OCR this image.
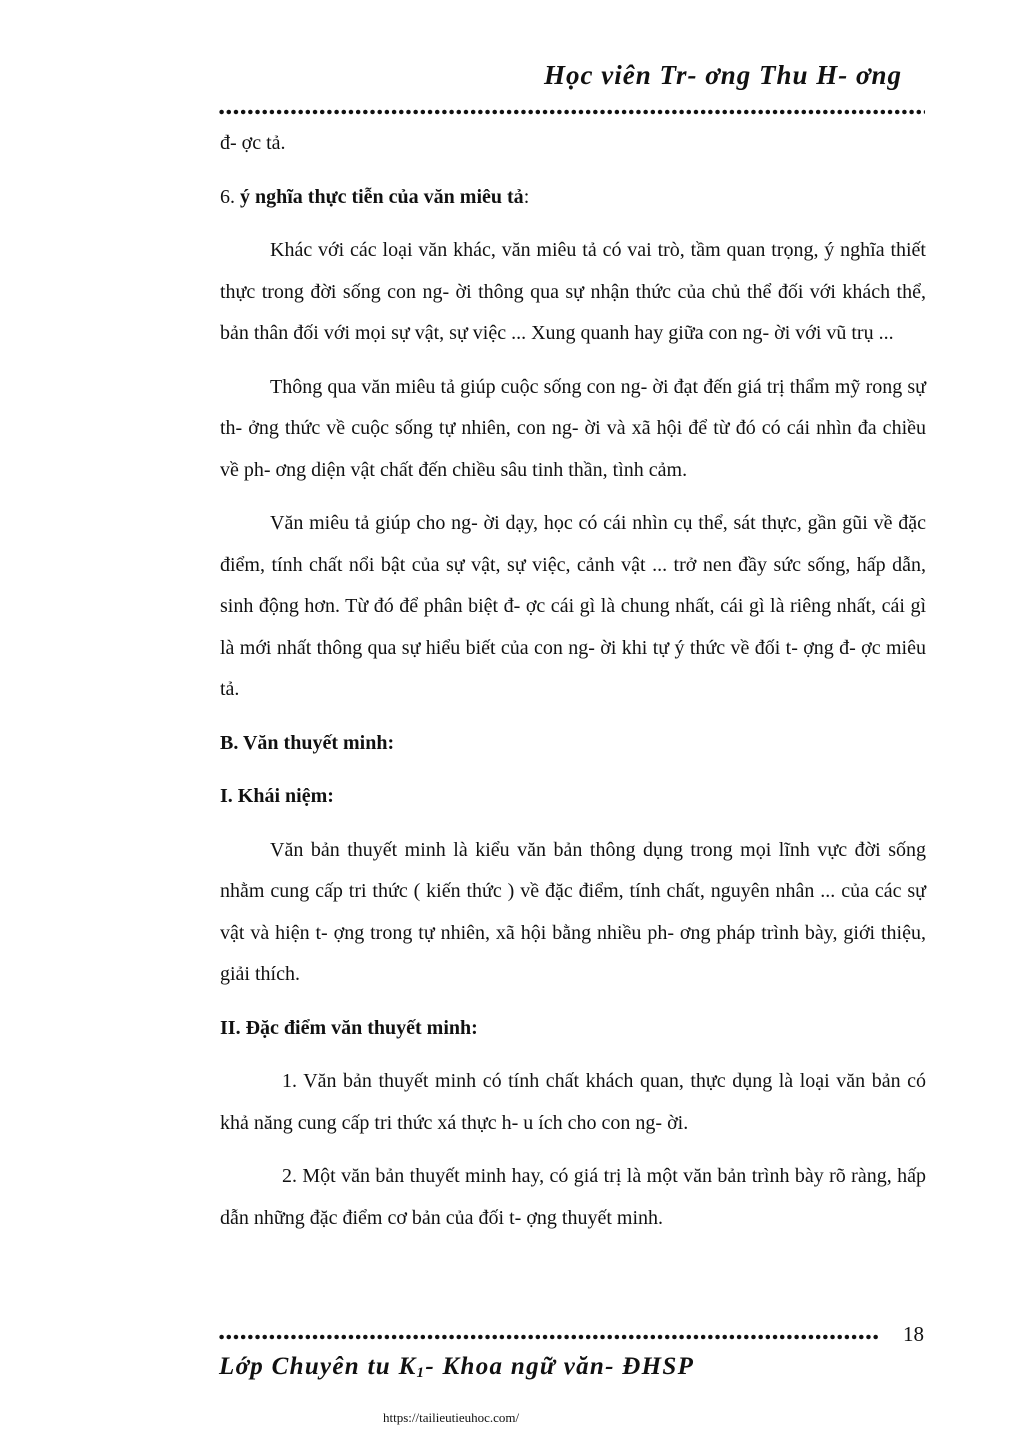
Học viên Tr- ơng Thu H- ơng

đ- ợc tả.

6. ý nghĩa thực tiễn của văn miêu tả:

Khác với các loại văn khác, văn miêu tả có vai trò, tầm quan trọng, ý nghĩa thiết thực trong đời sống con ng- ời thông qua sự nhận thức của chủ thể đối với khách thể, bản thân đối với mọi sự vật, sự việc ... Xung quanh hay giữa con ng- ời với vũ trụ ...

Thông qua văn miêu tả giúp cuộc sống con ng- ời đạt đến giá trị thẩm mỹ rong sự th- ởng thức về cuộc sống tự nhiên, con ng- ời và xã hội để từ đó có cái nhìn đa chiều về ph- ơng diện vật chất đến chiều sâu tinh thần, tình cảm.

Văn miêu tả giúp cho ng- ời dạy, học có cái nhìn cụ thể, sát thực, gần gũi về đặc điểm, tính chất nổi bật của sự vật, sự việc, cảnh vật ... trở nen đầy sức sống, hấp dẫn, sinh động hơn. Từ đó để phân biệt đ- ợc cái gì là chung nhất, cái gì là riêng nhất, cái gì là mới nhất thông qua sự hiểu biết của con ng- ời khi tự ý thức về đối t- ợng đ- ợc miêu tả.

B. Văn thuyết minh:

I. Khái niệm:

Văn bản thuyết minh là kiểu văn bản thông dụng trong mọi lĩnh vực đời sống nhằm cung cấp tri thức ( kiến thức ) về đặc điểm, tính chất, nguyên nhân ... của các sự vật và hiện t- ợng trong tự nhiên, xã hội bằng nhiều ph- ơng pháp trình bày, giới thiệu, giải thích.

II. Đặc điểm văn thuyết minh:

1. Văn bản thuyết minh có tính chất khách quan, thực dụng là loại văn bản có khả năng cung cấp tri thức xá thực h- u ích cho con ng- ời.

2. Một văn bản thuyết minh hay, có giá trị là một văn bản trình bày rõ ràng, hấp dẫn những đặc điểm cơ bản của đối t- ợng thuyết minh.

18
Lớp Chuyên tu $K_1-$ Khoa ngữ văn- ĐHSP
https://tailieutieuhoc.com/
